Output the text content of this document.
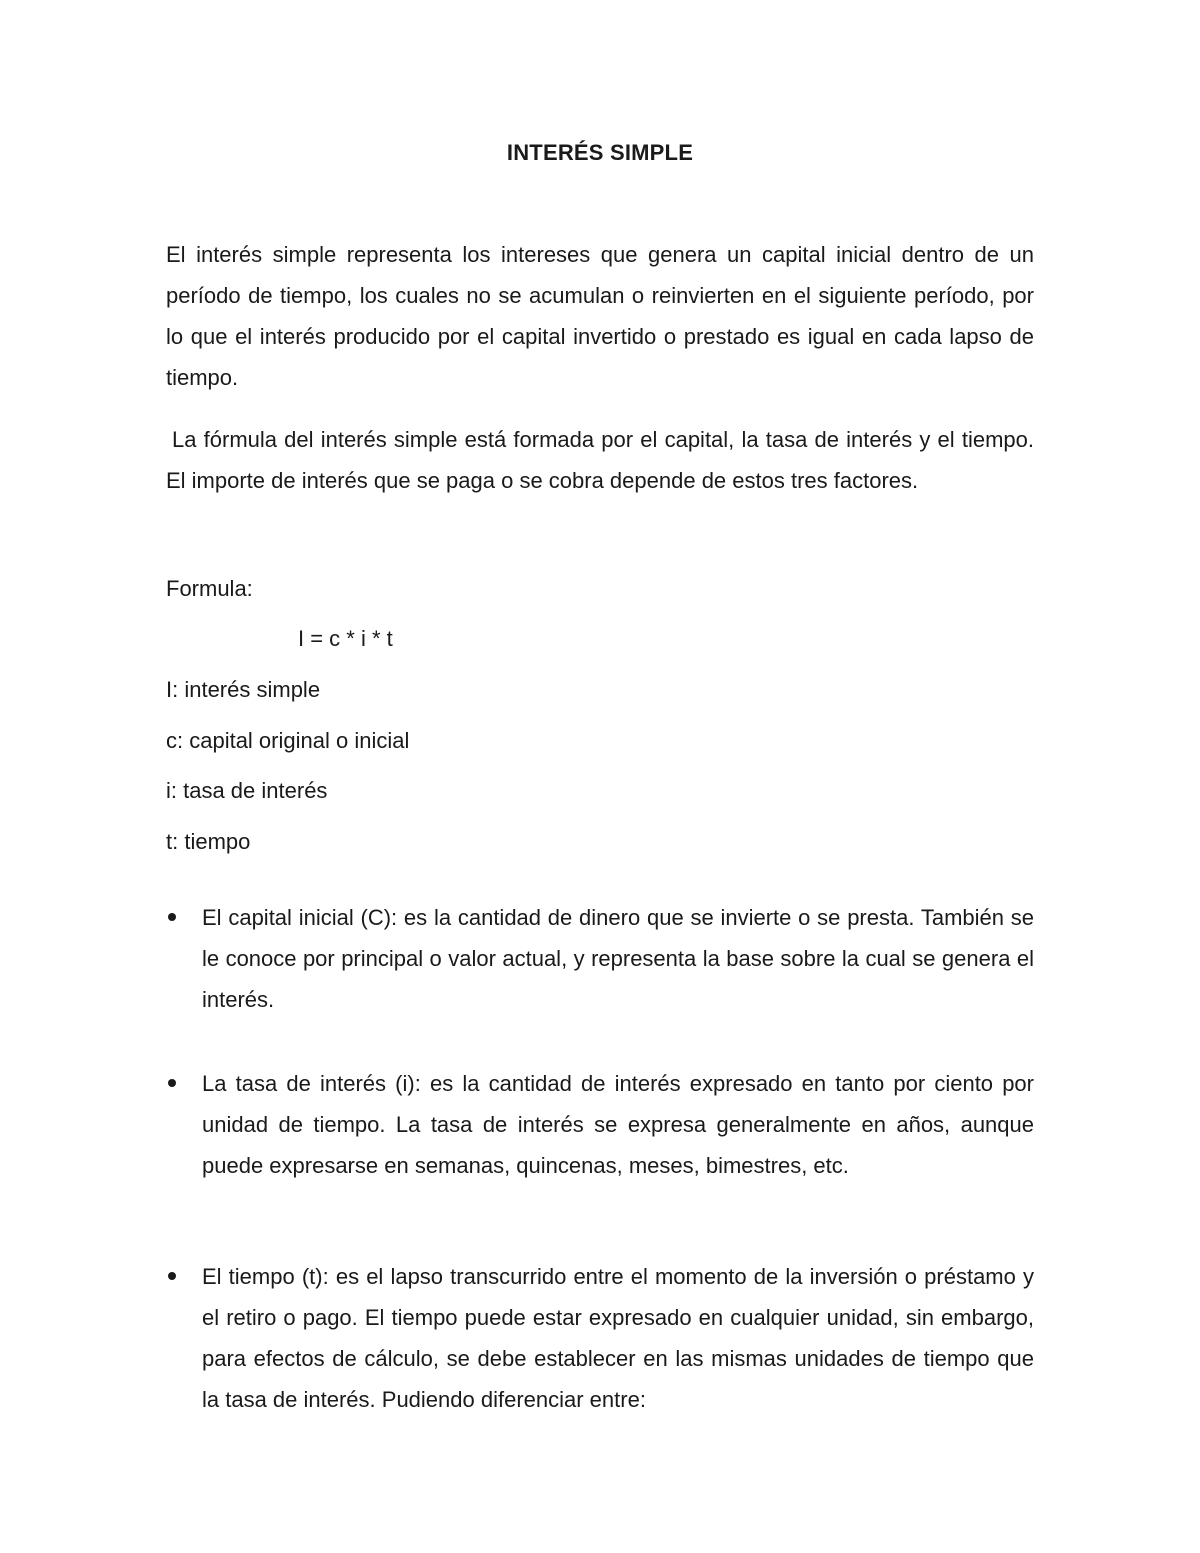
INTERÉS SIMPLE

El interés simple representa los intereses que genera un capital inicial dentro de un período de tiempo, los cuales no se acumulan o reinvierten en el siguiente período, por lo que el interés producido por el capital invertido o prestado es igual en cada lapso de tiempo.

La fórmula del interés simple está formada por el capital, la tasa de interés y el tiempo. El importe de interés que se paga o se cobra depende de estos tres factores.

Formula:
I = c * i * t
I: interés simple
c: capital original o inicial
i: tasa de interés
t: tiempo

El capital inicial (C): es la cantidad de dinero que se invierte o se presta. También se le conoce por principal o valor actual, y representa la base sobre la cual se genera el interés.

La tasa de interés (i): es la cantidad de interés expresado en tanto por ciento por unidad de tiempo. La tasa de interés se expresa generalmente en años, aunque puede expresarse en semanas, quincenas, meses, bimestres, etc.

El tiempo (t): es el lapso transcurrido entre el momento de la inversión o préstamo y el retiro o pago. El tiempo puede estar expresado en cualquier unidad, sin embargo, para efectos de cálculo, se debe establecer en las mismas unidades de tiempo que la tasa de interés. Pudiendo diferenciar entre:
